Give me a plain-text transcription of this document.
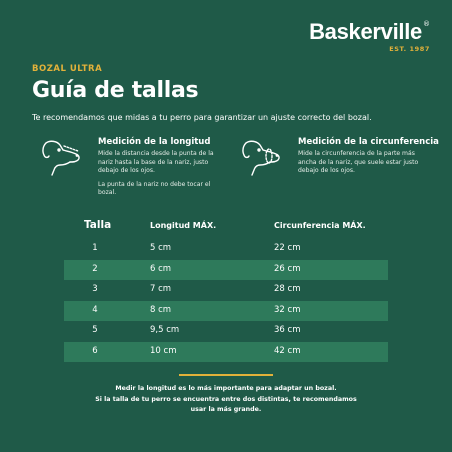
Baskerville®
EST. 1987
BOZAL ULTRA
Guía de tallas

Te recomendamos que midas a tu perro para garantizar un ajuste correcto del bozal.

Medición de la longitud
Mide la distancia desde la punta de la
nariz hasta la base de la nariz, justo
debajo de los ojos.
La punta de la nariz no debe tocar el
bozal.
Medición de la circunferencia
Mide la circunferencia de la parte más
ancha de la nariz, que suele estar justo
debajo de los ojos.
Talla	Longitud MÁX.	Circunferencia MÁX.
1	5 cm	22 cm
2	6 cm	26 cm
3	7 cm	28 cm
4	8 cm	32 cm
5	9,5 cm	36 cm
6	10 cm	42 cm
Medir la longitud es lo más importante para adaptar un bozal.
Si la talla de tu perro se encuentra entre dos distintas, te recomendamos
usar la más grande.
